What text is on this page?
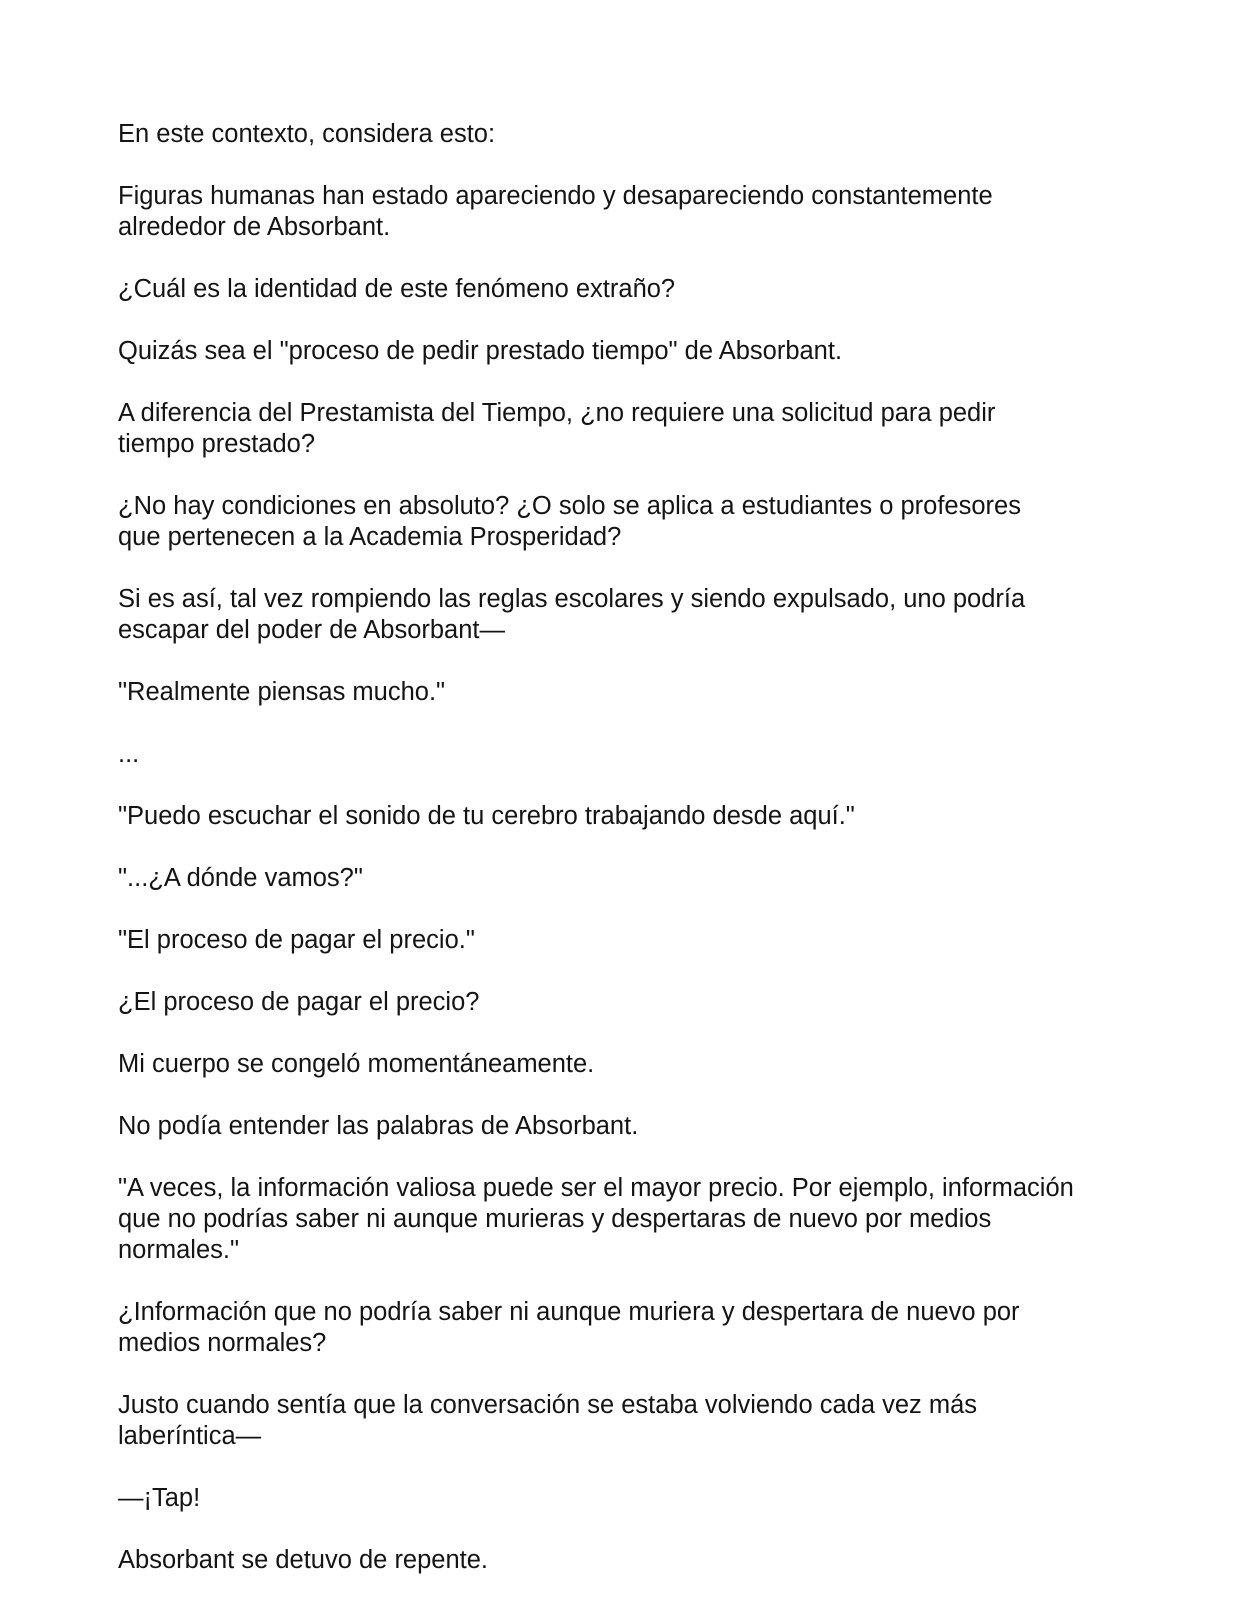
En este contexto, considera esto:

Figuras humanas han estado apareciendo y desapareciendo constantemente alrededor de Absorbant.

¿Cuál es la identidad de este fenómeno extraño?

Quizás sea el "proceso de pedir prestado tiempo" de Absorbant.

A diferencia del Prestamista del Tiempo, ¿no requiere una solicitud para pedir tiempo prestado?

¿No hay condiciones en absoluto? ¿O solo se aplica a estudiantes o profesores que pertenecen a la Academia Prosperidad?

Si es así, tal vez rompiendo las reglas escolares y siendo expulsado, uno podría escapar del poder de Absorbant—

"Realmente piensas mucho."

...

"Puedo escuchar el sonido de tu cerebro trabajando desde aquí."

"...¿A dónde vamos?"

"El proceso de pagar el precio."

¿El proceso de pagar el precio?

Mi cuerpo se congeló momentáneamente.

No podía entender las palabras de Absorbant.

"A veces, la información valiosa puede ser el mayor precio. Por ejemplo, información que no podrías saber ni aunque murieras y despertaras de nuevo por medios normales."

¿Información que no podría saber ni aunque muriera y despertara de nuevo por medios normales?

Justo cuando sentía que la conversación se estaba volviendo cada vez más laberíntica—

—¡Tap!

Absorbant se detuvo de repente.
